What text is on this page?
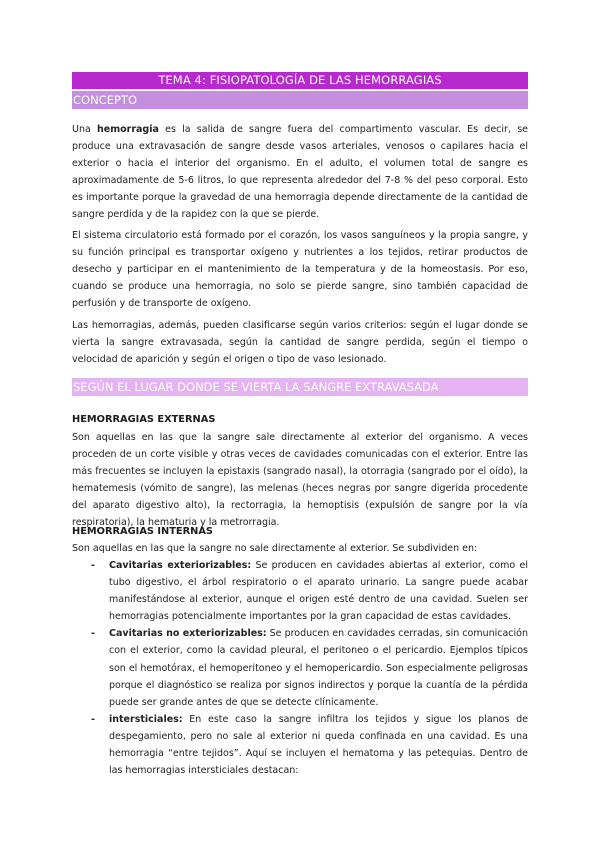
TEMA 4: FISIOPATOLOGÍA DE LAS HEMORRAGIAS
CONCEPTO

Una hemorragia es la salida de sangre fuera del compartimento vascular. Es decir, se produce una extravasación de sangre desde vasos arteriales, venosos o capilares hacia el exterior o hacia el interior del organismo. En el adulto, el volumen total de sangre es aproximadamente de 5-6 litros, lo que representa alrededor del 7-8 % del peso corporal. Esto es importante porque la gravedad de una hemorragia depende directamente de la cantidad de sangre perdida y de la rapidez con la que se pierde.

El sistema circulatorio está formado por el corazón, los vasos sanguíneos y la propia sangre, y su función principal es transportar oxígeno y nutrientes a los tejidos, retirar productos de desecho y participar en el mantenimiento de la temperatura y de la homeostasis. Por eso, cuando se produce una hemorragia, no solo se pierde sangre, sino también capacidad de perfusión y de transporte de oxígeno.

Las hemorragias, además, pueden clasificarse según varios criterios: según el lugar donde se vierta la sangre extravasada, según la cantidad de sangre perdida, según el tiempo o velocidad de aparición y según el origen o tipo de vaso lesionado.

SEGÚN EL LUGAR DONDE SE VIERTA LA SANGRE EXTRAVASADA

HEMORRAGIAS EXTERNAS

Son aquellas en las que la sangre sale directamente al exterior del organismo. A veces proceden de un corte visible y otras veces de cavidades comunicadas con el exterior. Entre las más frecuentes se incluyen la epistaxis (sangrado nasal), la otorragia (sangrado por el oído), la hematemesis (vómito de sangre), las melenas (heces negras por sangre digerida procedente del aparato digestivo alto), la rectorragia, la hemoptisis (expulsión de sangre por la vía respiratoria), la hematuria y la metrorragia.

HEMORRAGIAS INTERNAS

Son aquellas en las que la sangre no sale directamente al exterior. Se subdividen en:

- Cavitarias exteriorizables: Se producen en cavidades abiertas al exterior, como el tubo digestivo, el árbol respiratorio o el aparato urinario. La sangre puede acabar manifestándose al exterior, aunque el origen esté dentro de una cavidad. Suelen ser hemorragias potencialmente importantes por la gran capacidad de estas cavidades.
- Cavitarias no exteriorizables: Se producen en cavidades cerradas, sin comunicación con el exterior, como la cavidad pleural, el peritoneo o el pericardio. Ejemplos típicos son el hemotórax, el hemoperitoneo y el hemopericardio. Son especialmente peligrosas porque el diagnóstico se realiza por signos indirectos y porque la cuantía de la pérdida puede ser grande antes de que se detecte clínicamente.
- intersticiales: En este caso la sangre infiltra los tejidos y sigue los planos de despegamiento, pero no sale al exterior ni queda confinada en una cavidad. Es una hemorragia “entre tejidos”. Aquí se incluyen el hematoma y las petequias. Dentro de las hemorragias intersticiales destacan:
